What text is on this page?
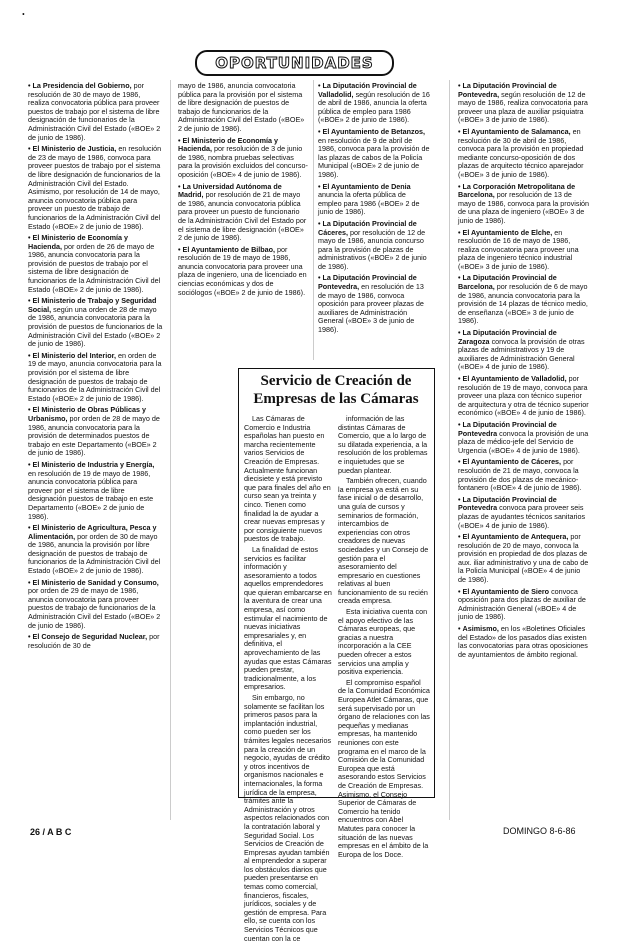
•
OPORTUNIDADES
• La Presidencia del Gobierno, por resolución de 30 de mayo de 1986, realiza convocatoria pública para proveer puestos de trabajo por el sistema de libre designación de funcionarios de la Administración Civil del Estado («BOE» 2 de junio de 1986).
• El Ministerio de Justicia, en resolución de 23 de mayo de 1986, convoca para proveer puestos de trabajo por el sistema de libre designación de funcionarios de la Administración Civil del Estado. Asimismo, por resolución de 14 de mayo, anuncia convocatoria pública para proveer un puesto de trabajo de funcionarios de la Administración Civil del Estado («BOE» 2 de junio de 1986).
• El Ministerio de Economía y Hacienda, por orden de 26 de mayo de 1986, anuncia convocatoria para la provisión de puestos de trabajo por el sistema de libre designación de funcionarios de la Administración Civil del Estado («BOE» 2 de junio de 1986).
• El Ministerio de Trabajo y Seguridad Social, según una orden de 28 de mayo de 1986, anuncia convocatoria para la provisión de puestos de funcionarios de la Administración Civil del Estado («BOE» 2 de junio de 1986).
• El Ministerio del Interior, en orden de 19 de mayo, anuncia convocatoria para la provisión por el sistema de libre designación de puestos de trabajo de funcionarios de la Administración Civil del Estado («BOE» 2 de junio de 1986).
• El Ministerio de Obras Públicas y Urbanismo, por orden de 28 de mayo de 1986, anuncia convocatoria para la provisión de determinados puestos de trabajo en este Departamento («BOE» 2 de junio de 1986).
• El Ministerio de Industria y Energía, en resolución de 19 de mayo de 1986, anuncia convocatoria pública para proveer por el sistema de libre designación puestos de trabajo en este Departamento («BOE» 2 de junio de 1986).
• El Ministerio de Agricultura, Pesca y Alimentación, por orden de 30 de mayo de 1986, anuncia la provisión por libre designación de puestos de trabajo de funcionarios de la Administración Civil del Estado («BOE» 2 de junio de 1986).
• El Ministerio de Sanidad y Consumo, por orden de 29 de mayo de 1986, anuncia convocatoria para proveer puestos de trabajo de funcionarios de la Administración Civil del Estado («BOE» 2 de junio de 1986).
• El Consejo de Seguridad Nuclear, por resolución de 30 de
mayo de 1986, anuncia convocatoria pública para la provisión por el sistema de libre designación de puestos de trabajo de funcionarios de la Administración Civil del Estado («BOE» 2 de junio de 1986).
• El Ministerio de Economía y Hacienda, por resolución de 3 de junio de 1986, nombra pruebas selectivas para la provisión excluidos del concurso-oposición («BOE» 4 de junio de 1986).
• La Universidad Autónoma de Madrid, por resolución de 21 de mayo de 1986, anuncia convocatoria pública para proveer un puesto de funcionario de la Administración Civil del Estado por el sistema de libre designación («BOE» 2 de junio de 1986).
• El Ayuntamiento de Bilbao, por resolución de 19 de mayo de 1986, anuncia convocatoria para proveer una plaza de ingeniero, una de licenciado en ciencias económicas y dos de sociólogos («BOE» 2 de junio de 1986).
• La Diputación Provincial de Valladolid, según resolución de 16 de abril de 1986, anuncia la oferta pública de empleo para 1986 («BOE» 2 de junio de 1986).
• El Ayuntamiento de Betanzos, en resolución de 9 de abril de 1986, convoca para la provisión de las plazas de cabos de la Policía Municipal («BOE» 2 de junio de 1986).
• El Ayuntamiento de Denia anuncia la oferta pública de empleo para 1986 («BOE» 2 de junio de 1986).
• La Diputación Provincial de Cáceres, por resolución de 12 de mayo de 1986, anuncia concurso para la provisión de plazas de administrativos («BOE» 2 de junio de 1986).
• La Diputación Provincial de Pontevedra, en resolución de 13 de mayo de 1986, convoca oposición para proveer plazas de auxiliares de Administración General («BOE» 3 de junio de 1986).
• La Diputación Provincial de Pontevedra, según resolución de 12 de mayo de 1986, realiza convocatoria para proveer una plaza de auxiliar psiquiatra («BOE» 3 de junio de 1986).
• El Ayuntamiento de Salamanca, en resolución de 30 de abril de 1986, convoca para la provisión en propiedad mediante concurso-oposición de dos plazas de arquitecto técnico aparejador («BOE» 3 de junio de 1986).
• La Corporación Metropolitana de Barcelona, por resolución de 13 de mayo de 1986, convoca para la provisión de una plaza de ingeniero («BOE» 3 de junio de 1986).
• El Ayuntamiento de Elche, en resolución de 16 de mayo de 1986, realiza convocatoria para proveer una plaza de ingeniero técnico industrial («BOE» 3 de junio de 1986).
• La Diputación Provincial de Barcelona, por resolución de 6 de mayo de 1986, anuncia convocatoria para la provisión de 14 plazas de técnico medio, de enseñanza («BOE» 3 de junio de 1986).
• La Diputación Provincial de Zaragoza convoca la provisión de otras plazas de administrativos y 19 de auxiliares de Administración General («BOE» 4 de junio de 1986).
• El Ayuntamiento de Valladolid, por resolución de 19 de mayo, convoca para proveer una plaza con técnico superior de arquitectura y otra de técnico superior económico («BOE» 4 de junio de 1986).
• La Diputación Provincial de Pontevedra convoca la provisión de una plaza de médico-jefe del Servicio de Urgencia («BOE» 4 de junio de 1986).
• El Ayuntamiento de Cáceres, por resolución de 21 de mayo, convoca la provisión de dos plazas de mecánico-fontanero («BOE» 4 de junio de 1986).
• La Diputación Provincial de Pontevedra convoca para proveer seis plazas de ayudantes técnicos sanitarios («BOE» 4 de junio de 1986).
• El Ayuntamiento de Antequera, por resolución de 20 de mayo, convoca la provisión en propiedad de dos plazas de aux. iliar administrativo y una de cabo de la Policía Municipal («BOE» 4 de junio de 1986).
• El Ayuntamiento de Siero convoca oposición para dos plazas de auxiliar de Administración General («BOE» 4 de junio de 1986).
• Asimismo, en los «Boletines Oficiales del Estado» de los pasados días existen las convocatorias para otras oposiciones de ayuntamientos de ámbito regional.
Servicio de Creación de Empresas de las Cámaras

Las Cámaras de Comercio e Industria españolas han puesto en marcha recientemente varios Servicios de Creación de Empresas. Actualmente funcionan diecisiete y está previsto que para finales del año en curso sean ya treinta y cinco. Tienen como finalidad la de ayudar a crear nuevas empresas y por consiguiente nuevos puestos de trabajo.

La finalidad de estos servicios es facilitar información y asesoramiento a todos aquellos emprendedores que quieran embarcarse en la aventura de crear una empresa, así como estimular el nacimiento de nuevas iniciativas empresariales y, en definitiva, el aprovechamiento de las ayudas que estas Cámaras pueden prestar, tradicionalmente, a los empresarios.

Sin embargo, no solamente se facilitan los primeros pasos para la implantación industrial, como pueden ser los trámites legales necesarios para la creación de un negocio, ayudas de crédito y otros incentivos de organismos nacionales e internacionales, la forma jurídica de la empresa, trámites ante la Administración y otros aspectos relacionados con la contratación laboral y Seguridad Social. Los Servicios de Creación de Empresas ayudan también al emprendedor a superar los obstáculos diarios que pueden presentarse en temas como comercial, financieros, fiscales, jurídicos, sociales y de gestión de empresa. Para ello, se cuenta con los Servicios Técnicos que cuentan con la ce

información de las distintas Cámaras de Comercio, que a lo largo de su dilatada experiencia, a la resolución de los problemas e inquietudes que se puedan plantear.

También ofrecen, cuando la empresa ya está en su fase inicial o de desarrollo, una guía de cursos y seminarios de formación, intercambios de experiencias con otros creadores de nuevas sociedades y un Consejo de gestión para el asesoramiento del empresario en cuestiones relativas al buen funcionamiento de su recién creada empresa.

Esta iniciativa cuenta con el apoyo efectivo de las Cámaras europeas, que gracias a nuestra incorporación a la CEE pueden ofrecer a estos servicios una amplia y positiva experiencia.

El compromiso español de la Comunidad Económica Europea Atlet Cámaras, que será supervisado por un órgano de relaciones con las pequeñas y medianas empresas, ha mantenido reuniones con este programa en el marco de la Comisión de la Comunidad Europea que está asesorando estos Servicios de Creación de Empresas. Asimismo, el Consejo Superior de Cámaras de Comercio ha tenido encuentros con Abel Matutes para conocer la situación de las nuevas empresas en el ámbito de la Europa de los Doce.

26 / A B C	DOMINGO 8-6-86
